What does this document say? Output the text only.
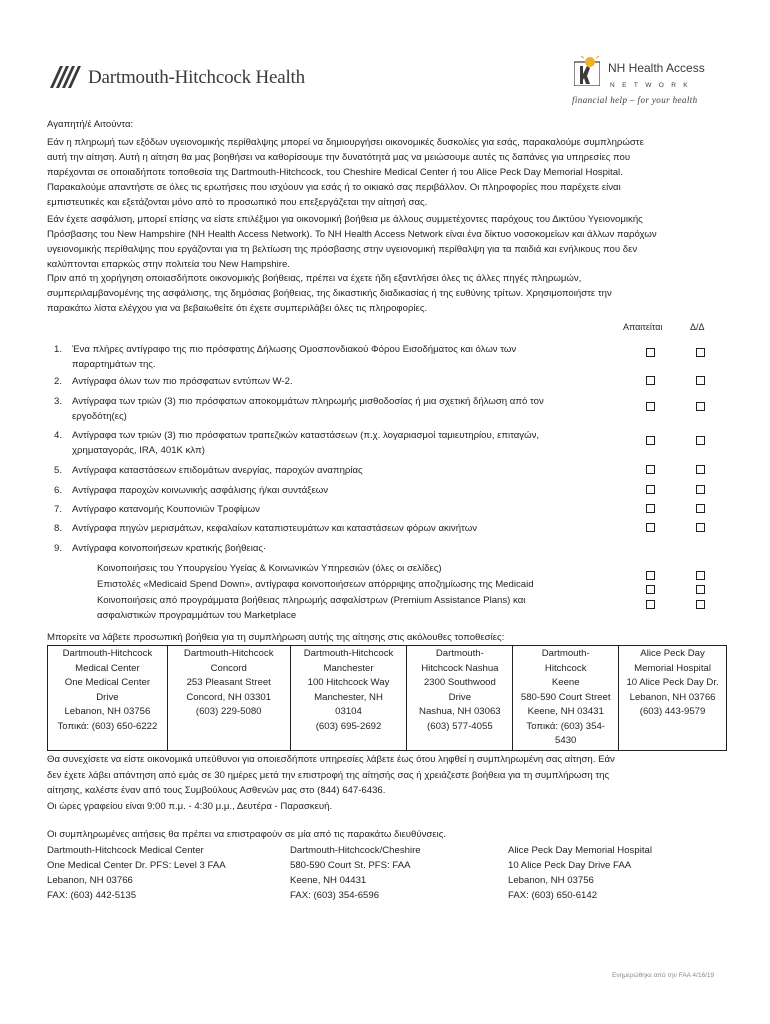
Dartmouth-Hitchcock Health	NH Health Access
NETWORK
financial help – for your health
Αγαπητή/έ Αιτούντα:
Εάν η πληρωμή των εξόδων υγειονομικής περίθαλψης μπορεί να δημιουργήσει οικονομικές δυσκολίες για εσάς, παρακαλούμε συμπληρώστε
αυτή την αίτηση. Αυτή η αίτηση θα μας βοηθήσει να καθορίσουμε την δυνατότητά μας να μειώσουμε αυτές τις δαπάνες για υπηρεσίες που
παρέχονται σε οποιαδήποτε τοποθεσία της Dartmouth-Hitchcock, του Cheshire Medical Center ή του Alice Peck Day Memorial Hospital.
Παρακαλούμε απαντήστε σε όλες τις ερωτήσεις που ισχύουν για εσάς ή το οικιακό σας περιβάλλον. Οι πληροφορίες που παρέχετε είναι
εμπιστευτικές και εξετάζονται μόνο από το προσωπικό που επεξεργάζεται την αίτησή σας.
Εάν έχετε ασφάλιση, μπορεί επίσης να είστε επιλέξιμοι για οικονομική βοήθεια με άλλους συμμετέχοντες παρόχους του Δικτύου Υγειονομικής
Πρόσβασης του New Hampshire (NH Health Access Network). Το NH Health Access Network είναι ένα δίκτυο νοσοκομείων και άλλων παρόχων
υγειονομικής περίθαλψης που εργάζονται για τη βελτίωση της πρόσβασης στην υγειονομική περίθαλψη για τα παιδιά και ενήλικους που δεν
καλύπτονται επαρκώς στην πολιτεία του New Hampshire.
Πριν από τη χορήγηση οποιασδήποτε οικονομικής βοήθειας, πρέπει να έχετε ήδη εξαντλήσει όλες τις άλλες πηγές πληρωμών,
συμπεριλαμβανομένης της ασφάλισης, της δημόσιας βοήθειας, της δικαστικής διαδικασίας ή της ευθύνης τρίτων. Χρησιμοποιήστε την
παρακάτω λίστα ελέγχου για να βεβαιωθείτε ότι έχετε συμπεριλάβει όλες τις πληροφορίες.
Απαιτείται	Δ/Δ
1.	Ένα πλήρες αντίγραφο της πιο πρόσφατης Δήλωσης Ομοσπονδιακού Φόρου Εισοδήματος και όλων των
παραρτημάτων της.
2.	Αντίγραφα όλων των πιο πρόσφατων εντύπων W-2.
3.	Αντίγραφα των τριών (3) πιο πρόσφατων αποκομμάτων πληρωμής μισθοδοσίας ή μια σχετική δήλωση από τον
εργοδότη(ες)
4.	Αντίγραφα των τριών (3) πιο πρόσφατων τραπεζικών καταστάσεων (π.χ. λογαριασμοί ταμιευτηρίου, επιταγών,
χρηματαγοράς, IRA, 401K κλπ)
5.	Αντίγραφα καταστάσεων επιδομάτων ανεργίας, παροχών αναπηρίας
6.	Αντίγραφα παροχών κοινωνικής ασφάλισης ή/και συντάξεων
7.	Αντίγραφο κατανομής Κουπονιών Τροφίμων
8.	Αντίγραφα πηγών μερισμάτων, κεφαλαίων καταπιστευμάτων και καταστάσεων φόρων ακινήτων
9.	Αντίγραφα κοινοποιήσεων κρατικής βοήθειας·
Κοινοποιήσεις του Υπουργείου Υγείας & Κοινωνικών Υπηρεσιών (όλες οι σελίδες)
Επιστολές «Medicaid Spend Down», αντίγραφα κοινοποιήσεων απόρριψης αποζημίωσης της Medicaid
Κοινοποιήσεις από προγράμματα βοήθειας πληρωμής ασφαλίστρων (Premium Assistance Plans) και
ασφαλιστικών προγραμμάτων του Marketplace
Μπορείτε να λάβετε προσωπική βοήθεια για τη συμπλήρωση αυτής της αίτησης στις ακόλουθες τοποθεσίες:
Dartmouth-Hitchcock
Medical Center
One Medical Center
Drive
Lebanon, NH 03756
Τοπικά: (603) 650-6222

Dartmouth-Hitchcock
Concord
253 Pleasant Street
Concord, NH 03301
(603) 229-5080

Dartmouth-Hitchcock
Manchester
100 Hitchcock Way
Manchester, NH
03104
(603) 695-2692

Dartmouth-
Hitchcock Nashua
2300 Southwood
Drive
Nashua, NH 03063
(603) 577-4055

Dartmouth-
Hitchcock
Keene
580-590 Court Street
Keene, NH 03431
Τοπικά: (603) 354-
5430

Alice Peck Day
Memorial Hospital
10 Alice Peck Day Dr.
Lebanon, NH 03766
(603) 443-9579
Θα συνεχίσετε να είστε οικονομικά υπεύθυνοι για οποιεσδήποτε υπηρεσίες λάβετε έως ότου ληφθεί η συμπληρωμένη σας αίτηση. Εάν
δεν έχετε λάβει απάντηση από εμάς σε 30 ημέρες μετά την επιστροφή της αίτησής σας ή χρειάζεστε βοήθεια για τη συμπλήρωση της
αίτησης, καλέστε έναν από τους Συμβούλους Ασθενών μας στο (844) 647-6436.
Οι ώρες γραφείου είναι 9:00 π.μ. - 4:30 μ.μ., Δευτέρα - Παρασκευή.
Οι συμπληρωμένες αιτήσεις θα πρέπει να επιστραφούν σε μία από τις παρακάτω διευθύνσεις.
Dartmouth-Hitchcock Medical Center
One Medical Center Dr. PFS: Level 3 FAA
Lebanon, NH 03766
FAX: (603) 442-5135
Dartmouth-Hitchcock/Cheshire
580-590 Court St. PFS: FAA
Keene, NH 04431
FAX: (603) 354-6596
Alice Peck Day Memorial Hospital
10 Alice Peck Day Drive FAA
Lebanon, NH 03756
FAX: (603) 650-6142
Ενημερώθηκε από την FAA 4/16/19
